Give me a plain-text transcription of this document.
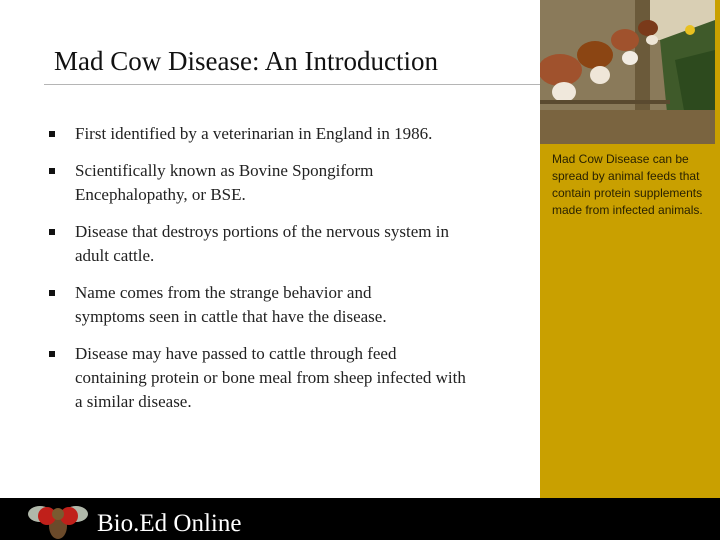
Mad Cow Disease: An Introduction
First identified by a veterinarian in England in 1986.
Scientifically known as Bovine Spongiform Encephalopathy, or BSE.
Disease that destroys portions of the nervous system in adult cattle.
Name comes from the strange behavior and symptoms seen in cattle that have the disease.
Disease may have passed to cattle through feed containing protein or bone meal from sheep infected with a similar disease.
Mad Cow Disease can be spread by animal feeds that contain protein supplements made from infected animals.
Bio.Ed Online
